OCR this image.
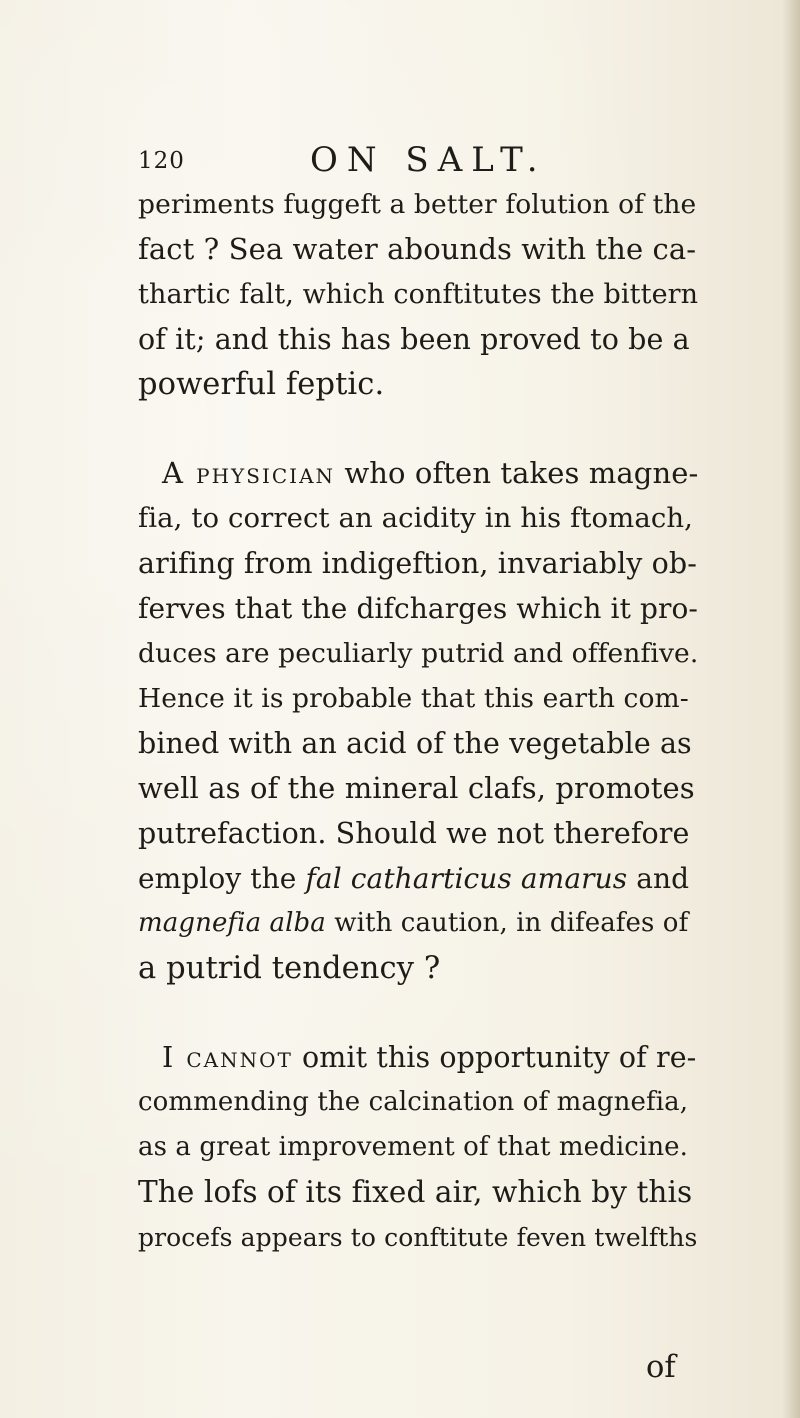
120	ON SALT.
periments fuggeft a better folution of the
fact ? Sea water abounds with the ca-
thartic falt, which conftitutes the bittern
of it; and this has been proved to be a
powerful feptic.
A physician who often takes magne-
fia, to correct an acidity in his ftomach,
arifing from indigeftion, invariably ob-
ferves that the difcharges which it pro-
duces are peculiarly putrid and offenfive.
Hence it is probable that this earth com-
bined with an acid of the vegetable as
well as of the mineral clafs, promotes
putrefaction. Should we not therefore
employ the fal catharticus amarus and
magnefia alba with caution, in difeafes of
a putrid tendency ?
I cannot omit this opportunity of re-
commending the calcination of magnefia,
as a great improvement of that medicine.
The lofs of its fixed air, which by this
procefs appears to conftitute feven twelfths
of
